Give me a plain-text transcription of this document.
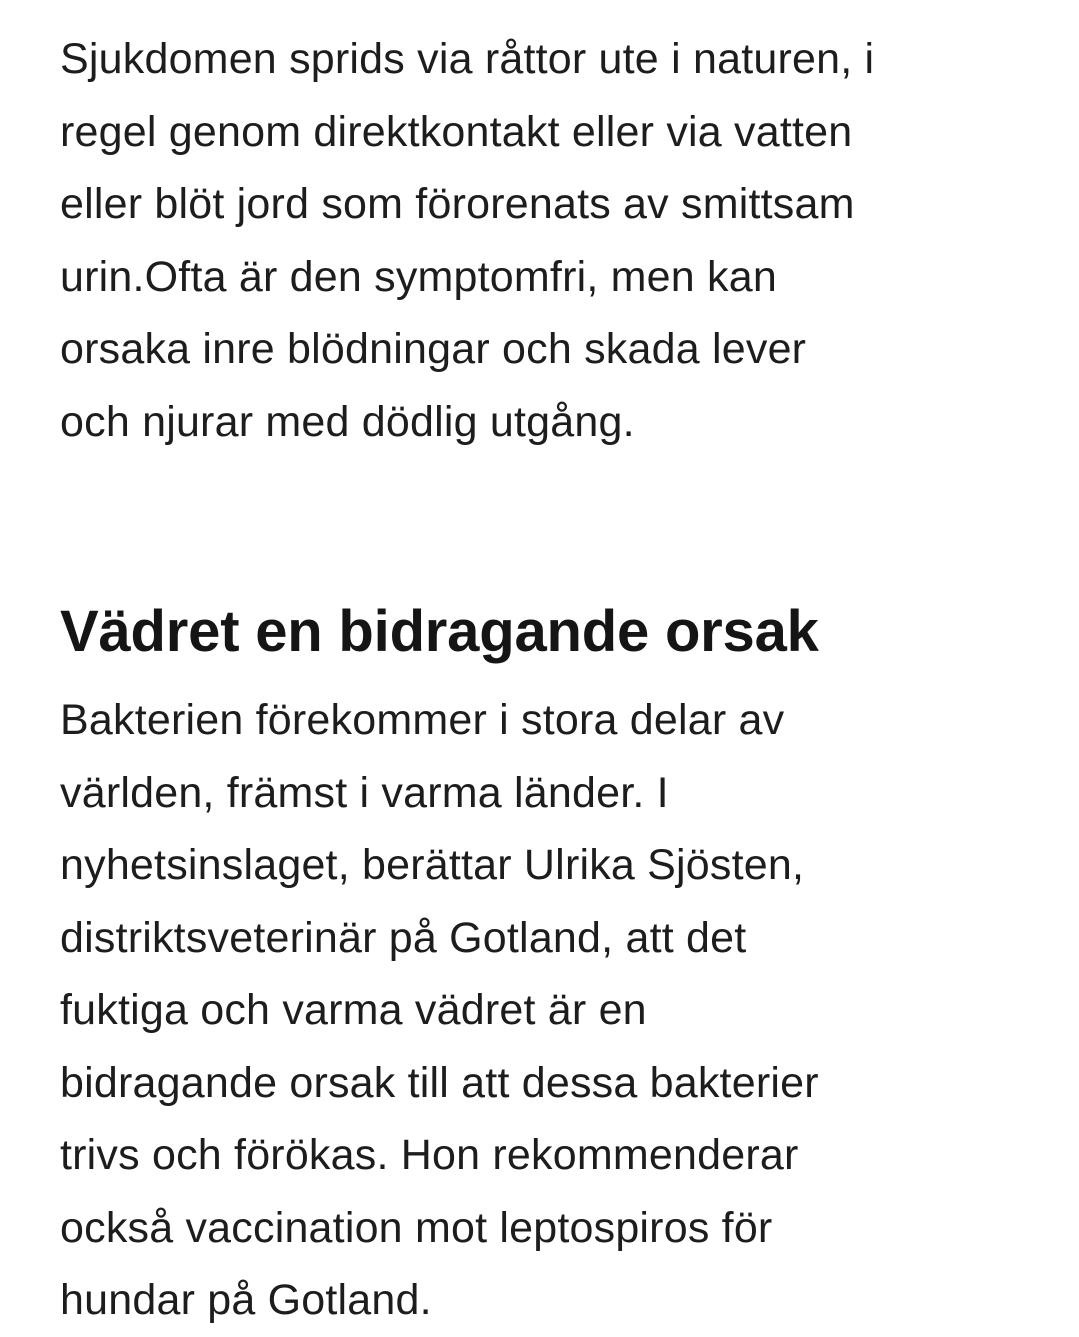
Sjukdomen sprids via råttor ute i naturen, i
regel genom direktkontakt eller via vatten
eller blöt jord som förorenats av smittsam
urin.Ofta är den symptomfri, men kan
orsaka inre blödningar och skada lever
och njurar med dödlig utgång.

Vädret en bidragande orsak

Bakterien förekommer i stora delar av
världen, främst i varma länder. I
nyhetsinslaget, berättar Ulrika Sjösten,
distriktsveterinär på Gotland, att det
fuktiga och varma vädret är en
bidragande orsak till att dessa bakterier
trivs och förökas. Hon rekommenderar
också vaccination mot leptospiros för
hundar på Gotland.
